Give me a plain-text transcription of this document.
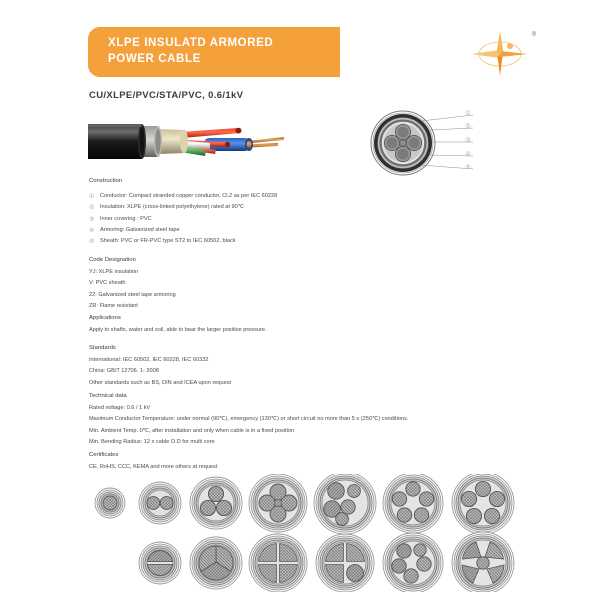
XLPE INSULATD ARMORED
POWER CABLE
®
CU/XLPE/PVC/STA/PVC, 0.6/1kV
①
②
③
④
⑤
Construction
① Conductor: Compact stranded copper conductor, Cl.2 as per IEC 60228
② Insulation: XLPE (cross-linked polyethylene) rated at 90℃
③ Inner covering : PVC
④ Armoring: Galvanized steel tape
⑤ Sheath: PVC or FR-PVC type ST2 to IEC 60502, black
Code Designation
YJ: XLPE insulation
V: PVC sheath
22: Galvanized steel tape armoring
ZR: Flame resistant
Applications
Apply to shafts, water and soil, able to bear the larger positive pressure.
Standards
International: IEC 60502, IEC 60228, IEC 60332
China: GB/T 12706. 1- 2008
Other standards such as BS, DIN and ICEA upon request
Technical data
Rated voltage: 0.6 / 1 kV
Maximum Conductor Temperature: under normal (90℃), emergency (130℃) or short circuit no more than 5 s (250℃) conditions.
Min. Ambient Temp. 0℃, after installation and only when cable is in a fixed position
Min. Bending Radius: 12 x cable O.D for multi core
Certificates
CE, RoHS, CCC, KEMA and more others at request
